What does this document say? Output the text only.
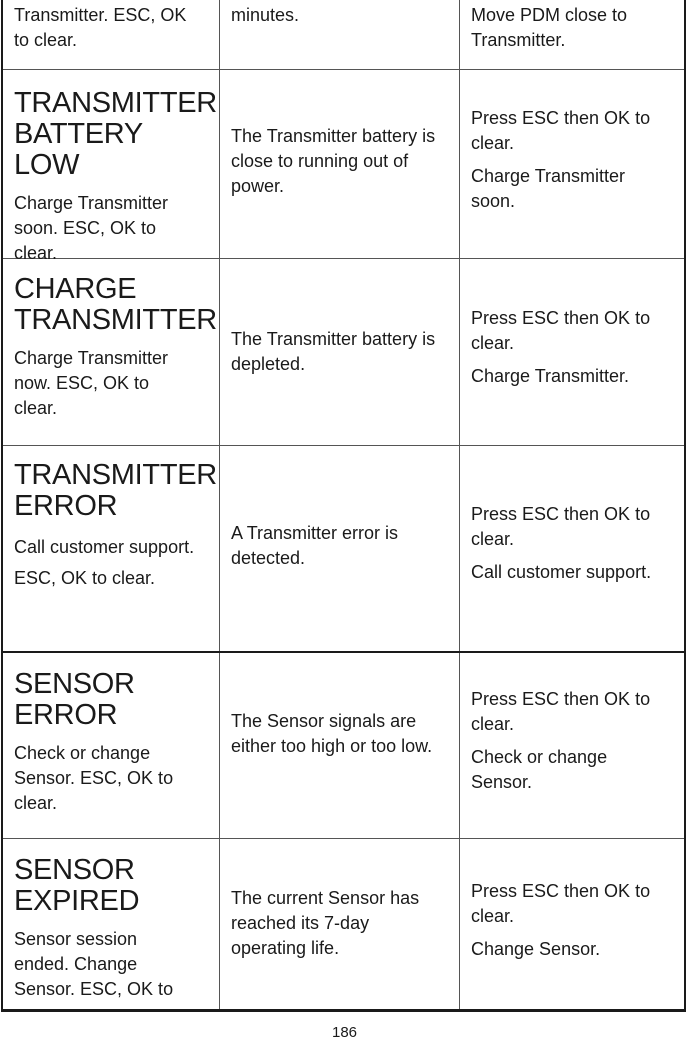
Transmitter. ESC, OK to clear.

minutes.	Move PDM close to Transmitter.

TRANSMITTER BATTERY LOW

Charge Transmitter soon. ESC, OK to clear.

The Transmitter battery is close to running out of power.

Press ESC then OK to clear.

Charge Transmitter soon.

CHARGE TRANSMITTER

Charge Transmitter now. ESC, OK to clear.

The Transmitter battery is depleted.

Press ESC then OK to clear.

Charge Transmitter.

TRANSMITTER ERROR

Call customer support. ESC, OK to clear.

A Transmitter error is detected.

Press ESC then OK to clear.

Call customer support.

SENSOR ERROR

Check or change Sensor. ESC, OK to clear.

The Sensor signals are either too high or too low.

Press ESC then OK to clear.

Check or change Sensor.

SENSOR EXPIRED

Sensor session ended. Change Sensor. ESC, OK to

The current Sensor has reached its 7-day operating life.

Press ESC then OK to clear.

Change Sensor.

186
